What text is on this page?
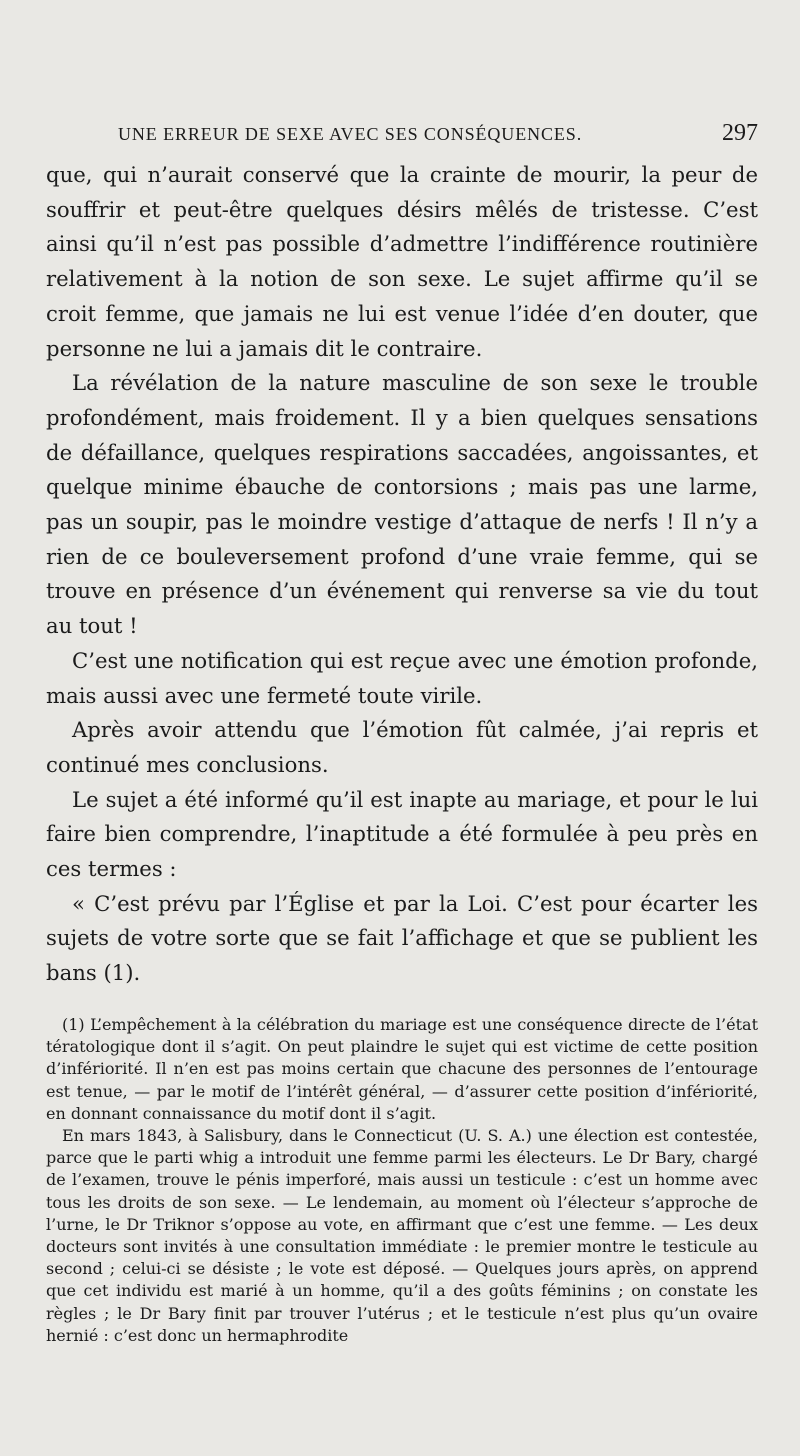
UNE ERREUR DE SEXE AVEC SES CONSÉQUENCES.	297

que, qui n’aurait conservé que la crainte de mourir, la peur de souffrir et peut-être quelques désirs mêlés de tristesse. C’est ainsi qu’il n’est pas possible d’admettre l’indifférence routinière relativement à la notion de son sexe. Le sujet affirme qu’il se croit femme, que jamais ne lui est venue l’idée d’en douter, que personne ne lui a jamais dit le contraire.

La révélation de la nature masculine de son sexe le trouble profondément, mais froidement. Il y a bien quelques sensations de défaillance, quelques respirations saccadées, angoissantes, et quelque minime ébauche de contorsions ; mais pas une larme, pas un soupir, pas le moindre vestige d’attaque de nerfs ! Il n’y a rien de ce bouleversement profond d’une vraie femme, qui se trouve en présence d’un événement qui renverse sa vie du tout au tout !

C’est une notification qui est reçue avec une émotion profonde, mais aussi avec une fermeté toute virile.

Après avoir attendu que l’émotion fût calmée, j’ai repris et continué mes conclusions.

Le sujet a été informé qu’il est inapte au mariage, et pour le lui faire bien comprendre, l’inaptitude a été formulée à peu près en ces termes :

« C’est prévu par l’Église et par la Loi. C’est pour écarter les sujets de votre sorte que se fait l’affichage et que se publient les bans (1).

(1) L’empêchement à la célébration du mariage est une conséquence directe de l’état tératologique dont il s’agit. On peut plaindre le sujet qui est victime de cette position d’infériorité. Il n’en est pas moins certain que chacune des personnes de l’entourage est tenue, — par le motif de l’intérêt général, — d’assurer cette position d’infériorité, en donnant connaissance du motif dont il s’agit.

En mars 1843, à Salisbury, dans le Connecticut (U. S. A.) une élection est contestée, parce que le parti whig a introduit une femme parmi les électeurs. Le Dr Bary, chargé de l’examen, trouve le pénis imperforé, mais aussi un testicule : c’est un homme avec tous les droits de son sexe. — Le lendemain, au moment où l’électeur s’approche de l’urne, le Dr Triknor s’oppose au vote, en affirmant que c’est une femme. — Les deux docteurs sont invités à une consultation immédiate : le premier montre le testicule au second ; celui-ci se désiste ; le vote est déposé. — Quelques jours après, on apprend que cet individu est marié à un homme, qu’il a des goûts féminins ; on constate les règles ; le Dr Bary finit par trouver l’utérus ; et le testicule n’est plus qu’un ovaire hernié : c’est donc un hermaphrodite
